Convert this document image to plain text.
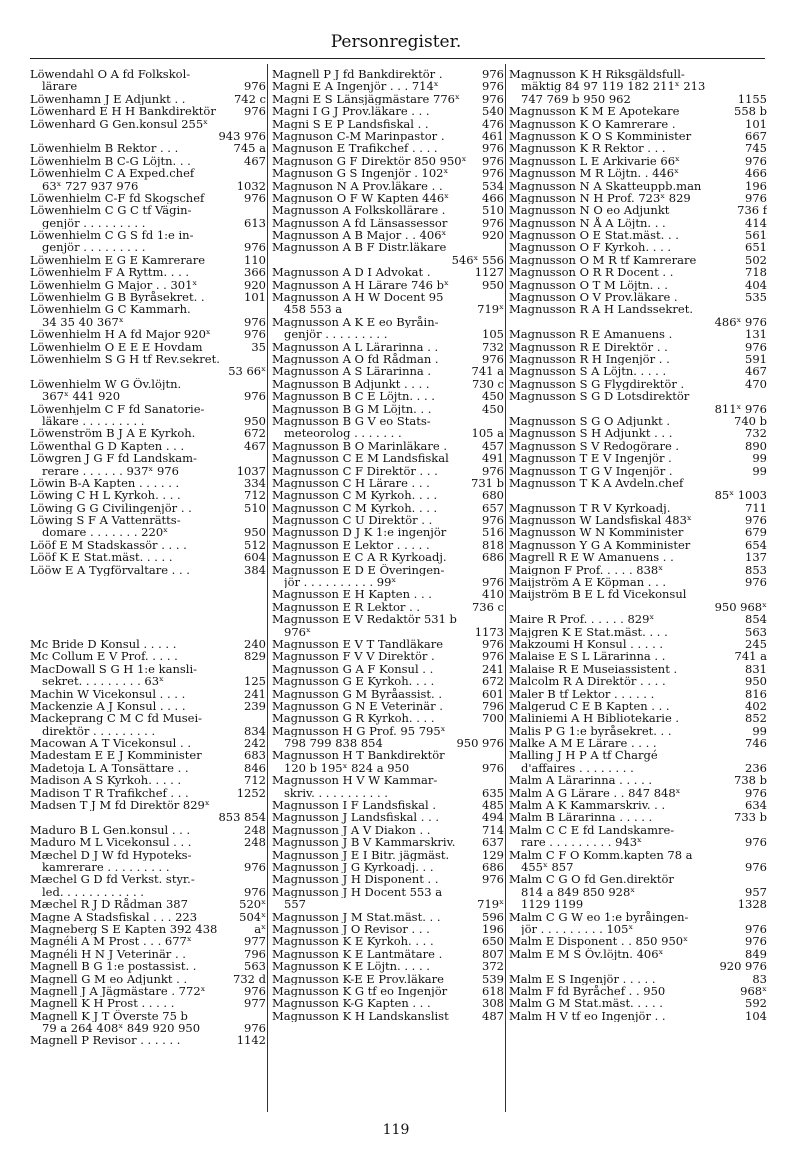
Personregister.
Löwendahl O A fd Folkskol-
lärare	976
Löwenhamn J E Adjunkt . .	742 c
Löwenhard E H H Bankdirektör	976
Löwenhard G Gen.konsul 255ˣ
943 976
Löwenhielm B Rektor . . .	745 a
Löwenhielm B C-G Löjtn. . .	467
Löwenhielm C A Exped.chef
63ˣ 727 937 976	1032
Löwenhielm C-F fd Skogschef	976
Löwenhielm C G C tf Vägin-
genjör . . . . . . . . .	613
Löwenhielm C G S fd 1:e in-
genjör . . . . . . . . .	976
Löwenhielm E G E Kamrerare	110
Löwenhielm F A Ryttm. . . .	366
Löwenhielm G Major . . 301ˣ	920
Löwenhielm G B Byråsekret. .	101
Löwenhielm G C Kammarh.
34 35 40 367ˣ	976
Löwenhielm H A fd Major 920ˣ	976
Löwenhielm O E E E Hovdam	35
Löwenhielm S G H tf Rev.sekret.
53 66ˣ
Löwenhielm W G Öv.löjtn.
367ˣ 441 920	976
Löwenhjelm C F fd Sanatorie-
läkare . . . . . . . . .	950
Löwenström B J A E Kyrkoh.	672
Löwenthal G D Kapten . . .	467
Löwgren J G F fd Landskam-
rerare . . . . . . 937ˣ 976	1037
Löwin B-A Kapten . . . . . .	334
Löwing C H L Kyrkoh. . . .	712
Löwing G G Civilingenjör . .	510
Löwing S F A Vattenrätts-
domare . . . . . . . 220ˣ	950
Lööf E M Stadskassör . . . .	512
Lööf K E Stat.mäst. . . . .	604
Lööw E A Tygförvaltare . . .	384
Mc Bride D Konsul . . . . .	240
Mc Collum E V Prof. . . . .	829
MacDowall S G H 1:e kansli-
sekret. . . . . . . . . 63ˣ	125
Machin W Vicekonsul . . . .	241
Mackenzie A J Konsul . . . .	239
Mackeprang C M C fd Musei-
direktör . . . . . . . . .	834
Macowan A T Vicekonsul . .	242
Madestam E E J Komminister	683
Madetoja L A Tonsättare . .	846
Madison A S Kyrkoh. . . . .	712
Madison T R Trafikchef . . .	1252
Madsen T J M fd Direktör 829ˣ
853 854
Maduro B L Gen.konsul . . .	248
Maduro M L Vicekonsul . . .	248
Mæchel D J W fd Hypoteks-
kamrerare . . . . . . . . .	976
Mæchel G D fd Verkst. styr.-
led. . . . . . . . . . . .	976
Mæchel R J D Rådman 387	520ˣ
Magne A Stadsfiskal . . . 223	504ˣ
Magneberg S E Kapten 392 438	aˣ
Magnéli A M Prost . . . 677ˣ	977
Magnéli H N J Veterinär . .	796
Magnell B G 1:e postassist. .	563
Magnell G M eo Adjunkt . .	732 d
Magnell J A Jägmästare . 772ˣ	976
Magnell K H Prost . . . . .	977
Magnell K J T Överste 75 b
79 a 264 408ˣ 849 920 950	976
Magnell P Revisor . . . . . .	1142
Magnell P J fd Bankdirektör .	976
Magni E A Ingenjör . . . 714ˣ	976
Magni E S Länsjägmästare 776ˣ	976
Magni I G J Prov.läkare . . .	540
Magni S E P Landsfiskal . .	476
Magnuson C-M Marinpastor .	461
Magnuson E Trafikchef . . . .	976
Magnuson G F Direktör 850 950ˣ	976
Magnuson G S Ingenjör . 102ˣ	976
Magnuson N A Prov.läkare . .	534
Magnuson O F W Kapten 446ˣ	466
Magnusson A Folkskollärare .	510
Magnusson A fd Länsassessor	976
Magnusson A B Major . . 406ˣ	920
Magnusson A B F Distr.läkare
546ˣ 556
Magnusson A D I Advokat .	1127
Magnusson A H Lärare 746 bˣ	950
Magnusson A H W Docent 95
458 553 a	719ˣ
Magnusson A K E eo Byråin-
genjör . . . . . . . . .	105
Magnusson A L Lärarinna . .	732
Magnusson A O fd Rådman .	976
Magnusson A S Lärarinna .	741 a
Magnusson B Adjunkt . . . .	730 c
Magnusson B C E Löjtn. . . .	450
Magnusson B G M Löjtn. . .	450
Magnusson B G V eo Stats-
meteorolog . . . . . . .	105 a
Magnusson B O Marinläkare .	457
Magnusson C E M Landsfiskal	491
Magnusson C F Direktör . . .	976
Magnusson C H Lärare . . .	731 b
Magnusson C M Kyrkoh. . . .	680
Magnusson C M Kyrkoh. . . .	657
Magnusson C U Direktör . .	976
Magnusson D J K 1:e ingenjör	516
Magnusson E Lektor . . . . .	818
Magnusson E C A R Kyrkoadj.	686
Magnusson E D E Överingen-
jör . . . . . . . . . . 99ˣ	976
Magnusson E H Kapten . . .	410
Magnusson E R Lektor . .	736 c
Magnusson E V Redaktör 531 b
976ˣ	1173
Magnusson E V T Tandläkare	976
Magnusson F V V Direktör .	976
Magnusson G A F Konsul . .	241
Magnusson G E Kyrkoh. . . .	672
Magnusson G M Byråassist. .	601
Magnusson G N E Veterinär .	796
Magnusson G R Kyrkoh. . . .	700
Magnusson H G Prof. 95 795ˣ
798 799 838 854	950 976
Magnusson H T Bankdirektör
120 b 195ˣ 824 a 950	976
Magnusson H V W Kammar-
skriv. . . . . . . . . . .	635
Magnusson I F Landsfiskal .	485
Magnusson J Landsfiskal . . .	494
Magnusson J A V Diakon . .	714
Magnusson J B V Kammarskriv.	637
Magnusson J E I Bitr. jägmäst.	129
Magnusson J G Kyrkoadj. . .	686
Magnusson J H Disponent . .	976
Magnusson J H Docent 553 a
557	719ˣ
Magnusson J M Stat.mäst. . .	596
Magnusson J O Revisor . . .	196
Magnusson K E Kyrkoh. . . .	650
Magnusson K E Lantmätare .	807
Magnusson K E Löjtn. . . . .	372
Magnusson K-E E Prov.läkare	539
Magnusson K G tf eo Ingenjör	618
Magnusson K-G Kapten . . .	308
Magnusson K H Landskanslist	487
Magnusson K H Riksgäldsfull-
mäktig 84 97 119 182 211ˣ 213
747 769 b 950 962	1155
Magnusson K M E Apotekare	558 b
Magnusson K O Kamrerare .	101
Magnusson K O S Komminister	667
Magnusson K R Rektor . . .	745
Magnusson L E Arkivarie 66ˣ	976
Magnusson M R Löjtn. . 446ˣ	466
Magnusson N A Skatteuppb.man	196
Magnusson N H Prof. 723ˣ 829	976
Magnusson N O eo Adjunkt	736 f
Magnusson N Å A Löjtn. . .	414
Magnusson O E Stat.mäst. . .	561
Magnusson O F Kyrkoh. . . .	651
Magnusson O M R tf Kamrerare	502
Magnusson O R R Docent . .	718
Magnusson O T M Löjtn. . .	404
Magnusson O V Prov.läkare .	535
Magnusson R A H Landssekret.
486ˣ 976
Magnusson R E Amanuens .	131
Magnusson R E Direktör . .	976
Magnusson R H Ingenjör . .	591
Magnusson S A Löjtn. . . . .	467
Magnusson S G Flygdirektör .	470
Magnusson S G D Lotsdirektör
811ˣ 976
Magnusson S G O Adjunkt .	740 b
Magnusson S H Adjunkt . . .	732
Magnusson S V Redogörare .	890
Magnusson T E V Ingenjör .	99
Magnusson T G V Ingenjör .	99
Magnusson T K A Avdeln.chef
85ˣ 1003
Magnusson T R V Kyrkoadj.	711
Magnusson W Landsfiskal 483ˣ	976
Magnusson W N Komminister	679
Magnusson Y G A Komminister	654
Magrell R E W Amanuens . .	137
Maignon F Prof. . . . . 838ˣ	853
Maijström A E Köpman . . .	976
Maijström B E L fd Vicekonsul
950 968ˣ
Maire R Prof. . . . . . 829ˣ	854
Majgren K E Stat.mäst. . . .	563
Makzoumi H Konsul . . . . .	245
Malaise E S L Lärarinna . .	741 a
Malaise R E Museiassistent .	831
Malcolm R A Direktör . . . .	950
Maler B tf Lektor . . . . . .	816
Malgerud C E B Kapten . . .	402
Maliniemi A H Bibliotekarie .	852
Malis P G 1:e byråsekret. . .	99
Malke A M E Lärare . . . .	746
Malling J H P A tf Chargé
d'affaires . . . . . . . .	236
Malm A Lärarinna . . . . .	738 b
Malm A G Lärare . . 847 848ˣ	976
Malm A K Kammarskriv. . .	634
Malm B Lärarinna . . . . .	733 b
Malm C C E fd Landskamre-
rare . . . . . . . . . 943ˣ	976
Malm C F O Komm.kapten 78 a
455ˣ 857	976
Malm C G O fd Gen.direktör
814 a 849 850 928ˣ	957
1129 1199	1328
Malm C G W eo 1:e byråingen-
jör . . . . . . . . . 105ˣ	976
Malm E Disponent . . 850 950ˣ	976
Malm E M S Öv.löjtn. 406ˣ	849
920 976
Malm E S Ingenjör . . . . .	83
Malm F fd Byråchef . . 950	968ˣ
Malm G M Stat.mäst. . . . .	592
Malm H V tf eo Ingenjör . .	104
119
